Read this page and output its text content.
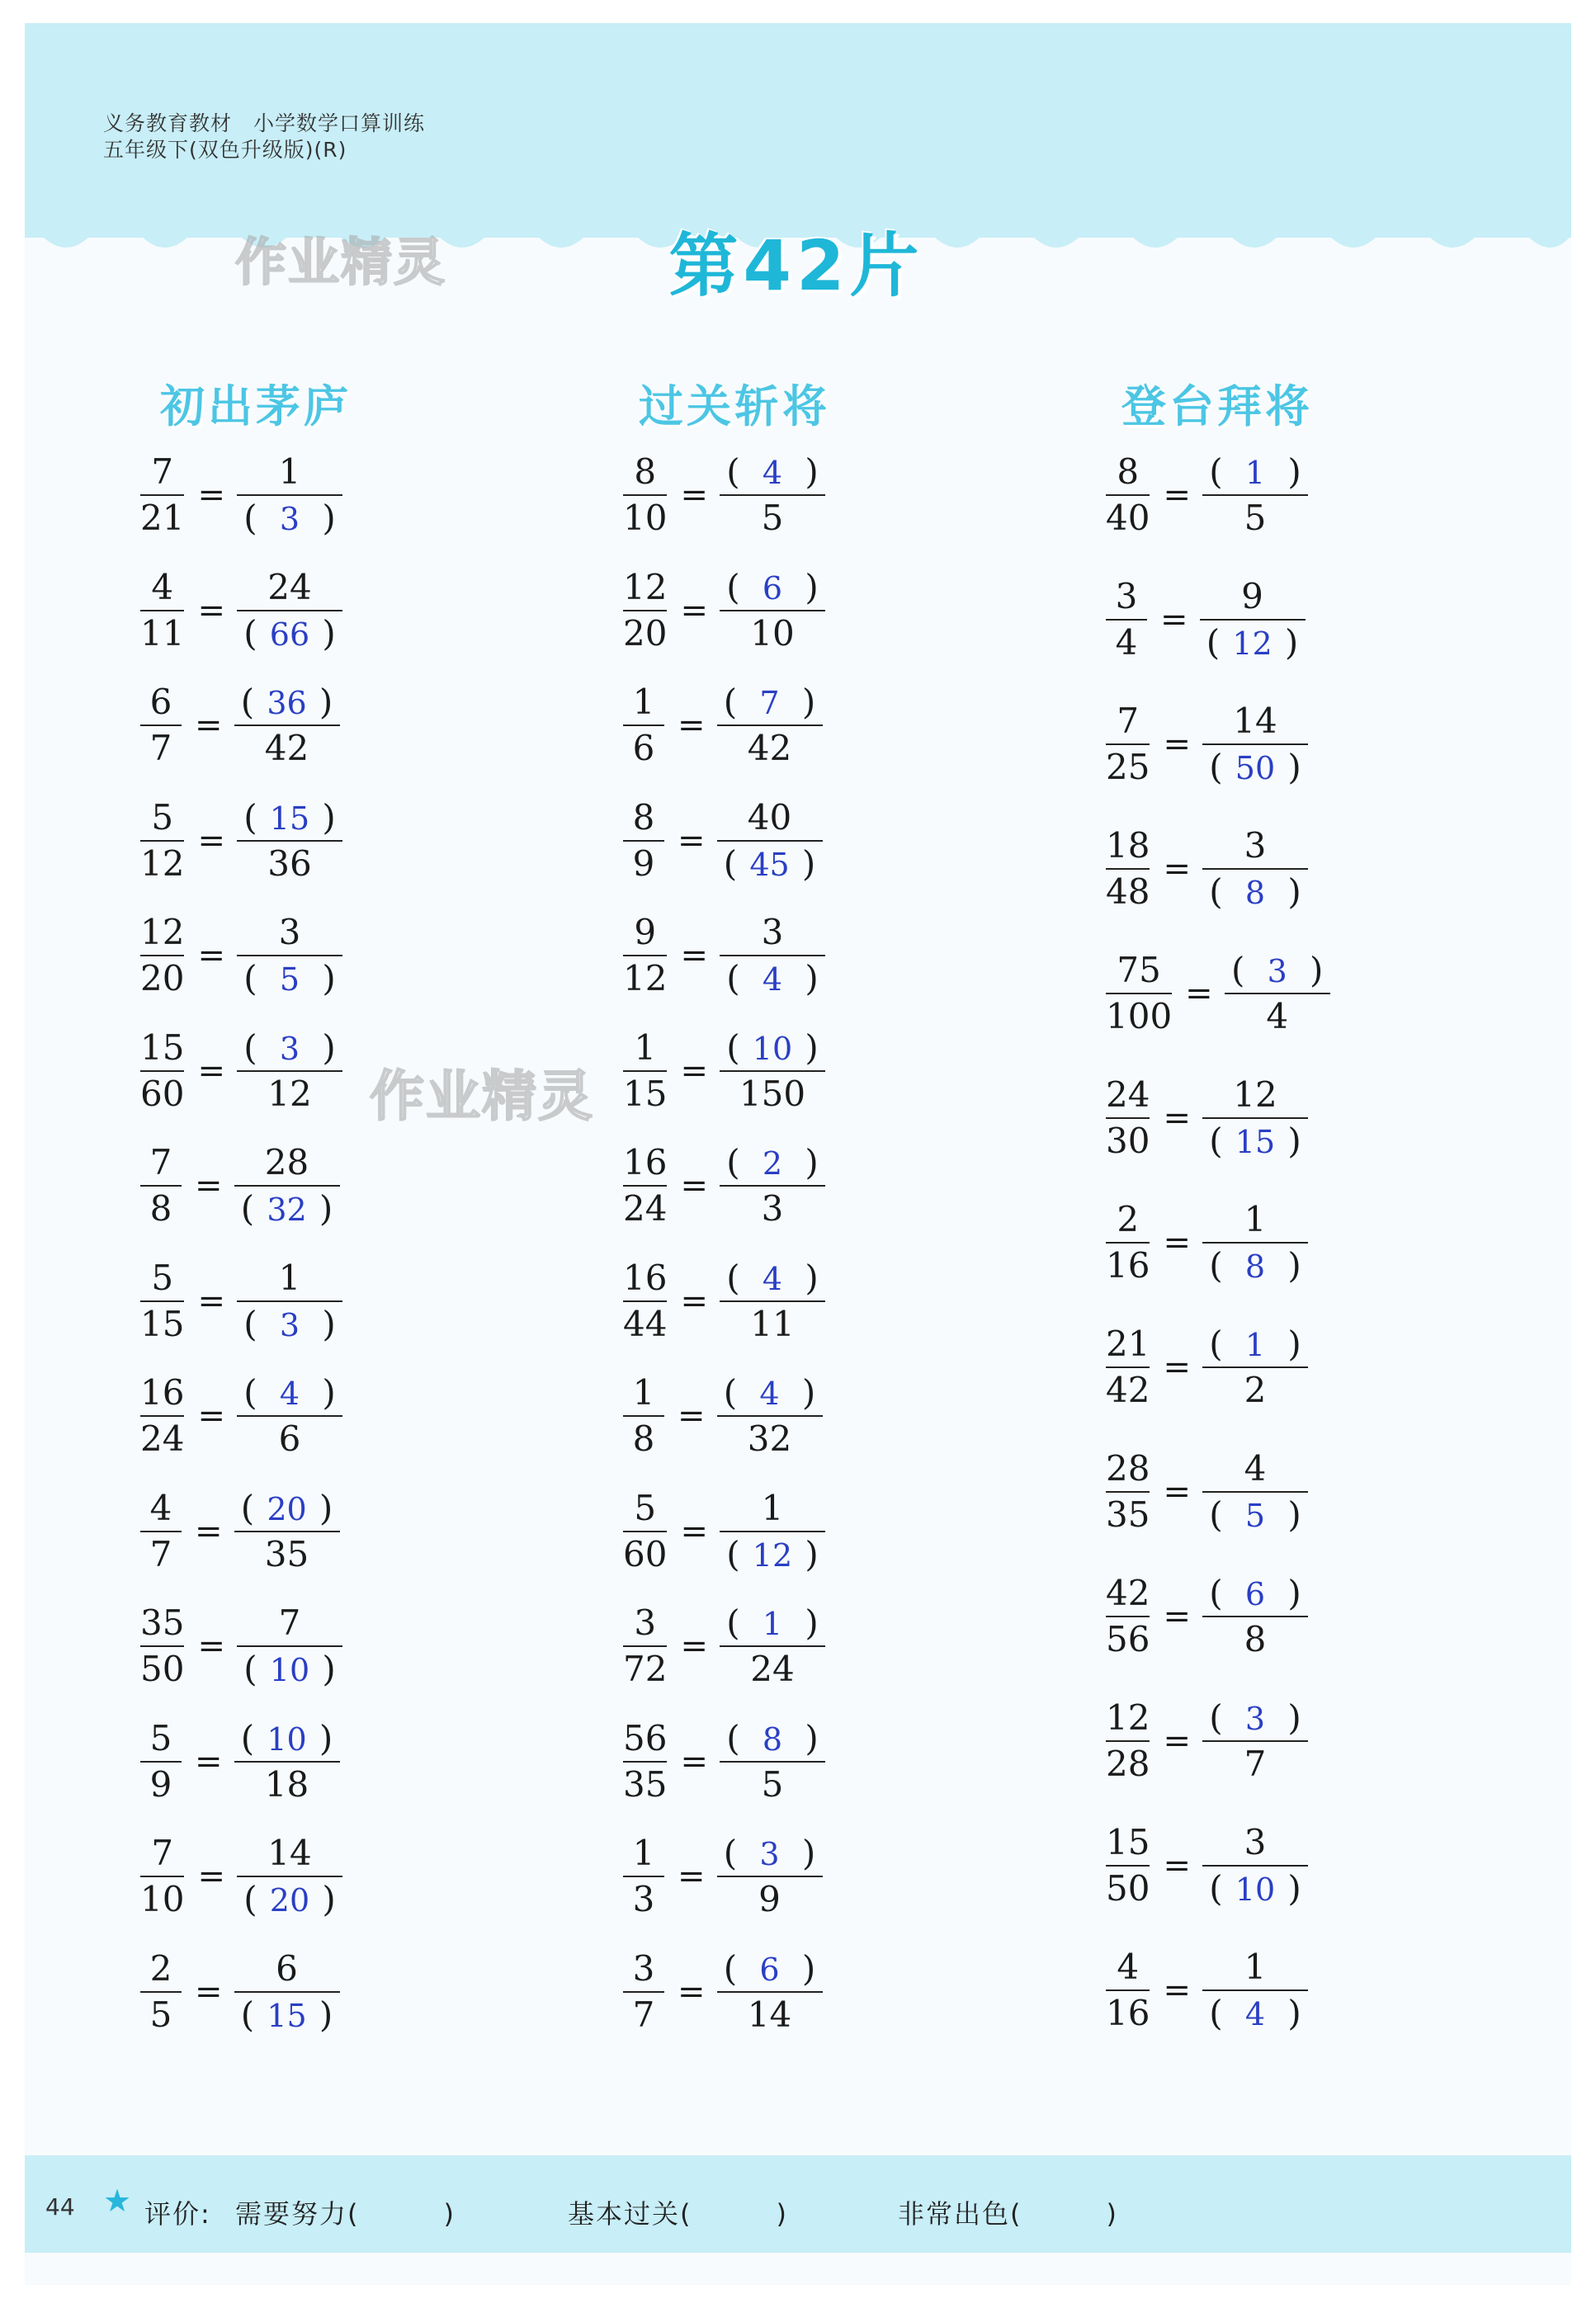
义务教育教材　小学数学口算训练
五年级下(双色升级版)(R)
作业精灵
作业精灵
第42片
初出茅庐	过关斩将	登台拜将
$\frac{7}{21} = \frac{1}{( 3 )}$
$\frac{4}{11} = \frac{24}{( 66 )}$
$\frac{6}{7} = \frac{( 36 )}{42}$
$\frac{5}{12} = \frac{( 15 )}{36}$
$\frac{12}{20} = \frac{3}{( 5 )}$
$\frac{15}{60} = \frac{( 3 )}{12}$
$\frac{7}{8} = \frac{28}{( 32 )}$
$\frac{5}{15} = \frac{1}{( 3 )}$
$\frac{16}{24} = \frac{( 4 )}{6}$
$\frac{4}{7} = \frac{( 20 )}{35}$
$\frac{35}{50} = \frac{7}{( 10 )}$
$\frac{5}{9} = \frac{( 10 )}{18}$
$\frac{7}{10} = \frac{14}{( 20 )}$
$\frac{2}{5} = \frac{6}{( 15 )}$
$\frac{8}{10} = \frac{( 4 )}{5}$
$\frac{12}{20} = \frac{( 6 )}{10}$
$\frac{1}{6} = \frac{( 7 )}{42}$
$\frac{8}{9} = \frac{40}{( 45 )}$
$\frac{9}{12} = \frac{3}{( 4 )}$
$\frac{1}{15} = \frac{( 10 )}{150}$
$\frac{16}{24} = \frac{( 2 )}{3}$
$\frac{16}{44} = \frac{( 4 )}{11}$
$\frac{1}{8} = \frac{( 4 )}{32}$
$\frac{5}{60} = \frac{1}{( 12 )}$
$\frac{3}{72} = \frac{( 1 )}{24}$
$\frac{56}{35} = \frac{( 8 )}{5}$
$\frac{1}{3} = \frac{( 3 )}{9}$
$\frac{3}{7} = \frac{( 6 )}{14}$
$\frac{8}{40} = \frac{( 1 )}{5}$
$\frac{3}{4} = \frac{9}{( 12 )}$
$\frac{7}{25} = \frac{14}{( 50 )}$
$\frac{18}{48} = \frac{3}{( 8 )}$
$\frac{75}{100} = \frac{( 3 )}{4}$
$\frac{24}{30} = \frac{12}{( 15 )}$
$\frac{2}{16} = \frac{1}{( 8 )}$
$\frac{21}{42} = \frac{( 1 )}{2}$
$\frac{28}{35} = \frac{4}{( 5 )}$
$\frac{42}{56} = \frac{( 6 )}{8}$
$\frac{12}{28} = \frac{( 3 )}{7}$
$\frac{15}{50} = \frac{3}{( 10 )}$
$\frac{4}{16} = \frac{1}{( 4 )}$
44 ★ 评价: 需要努力(　　　)	基本过关(　　　)	非常出色(　　　)
